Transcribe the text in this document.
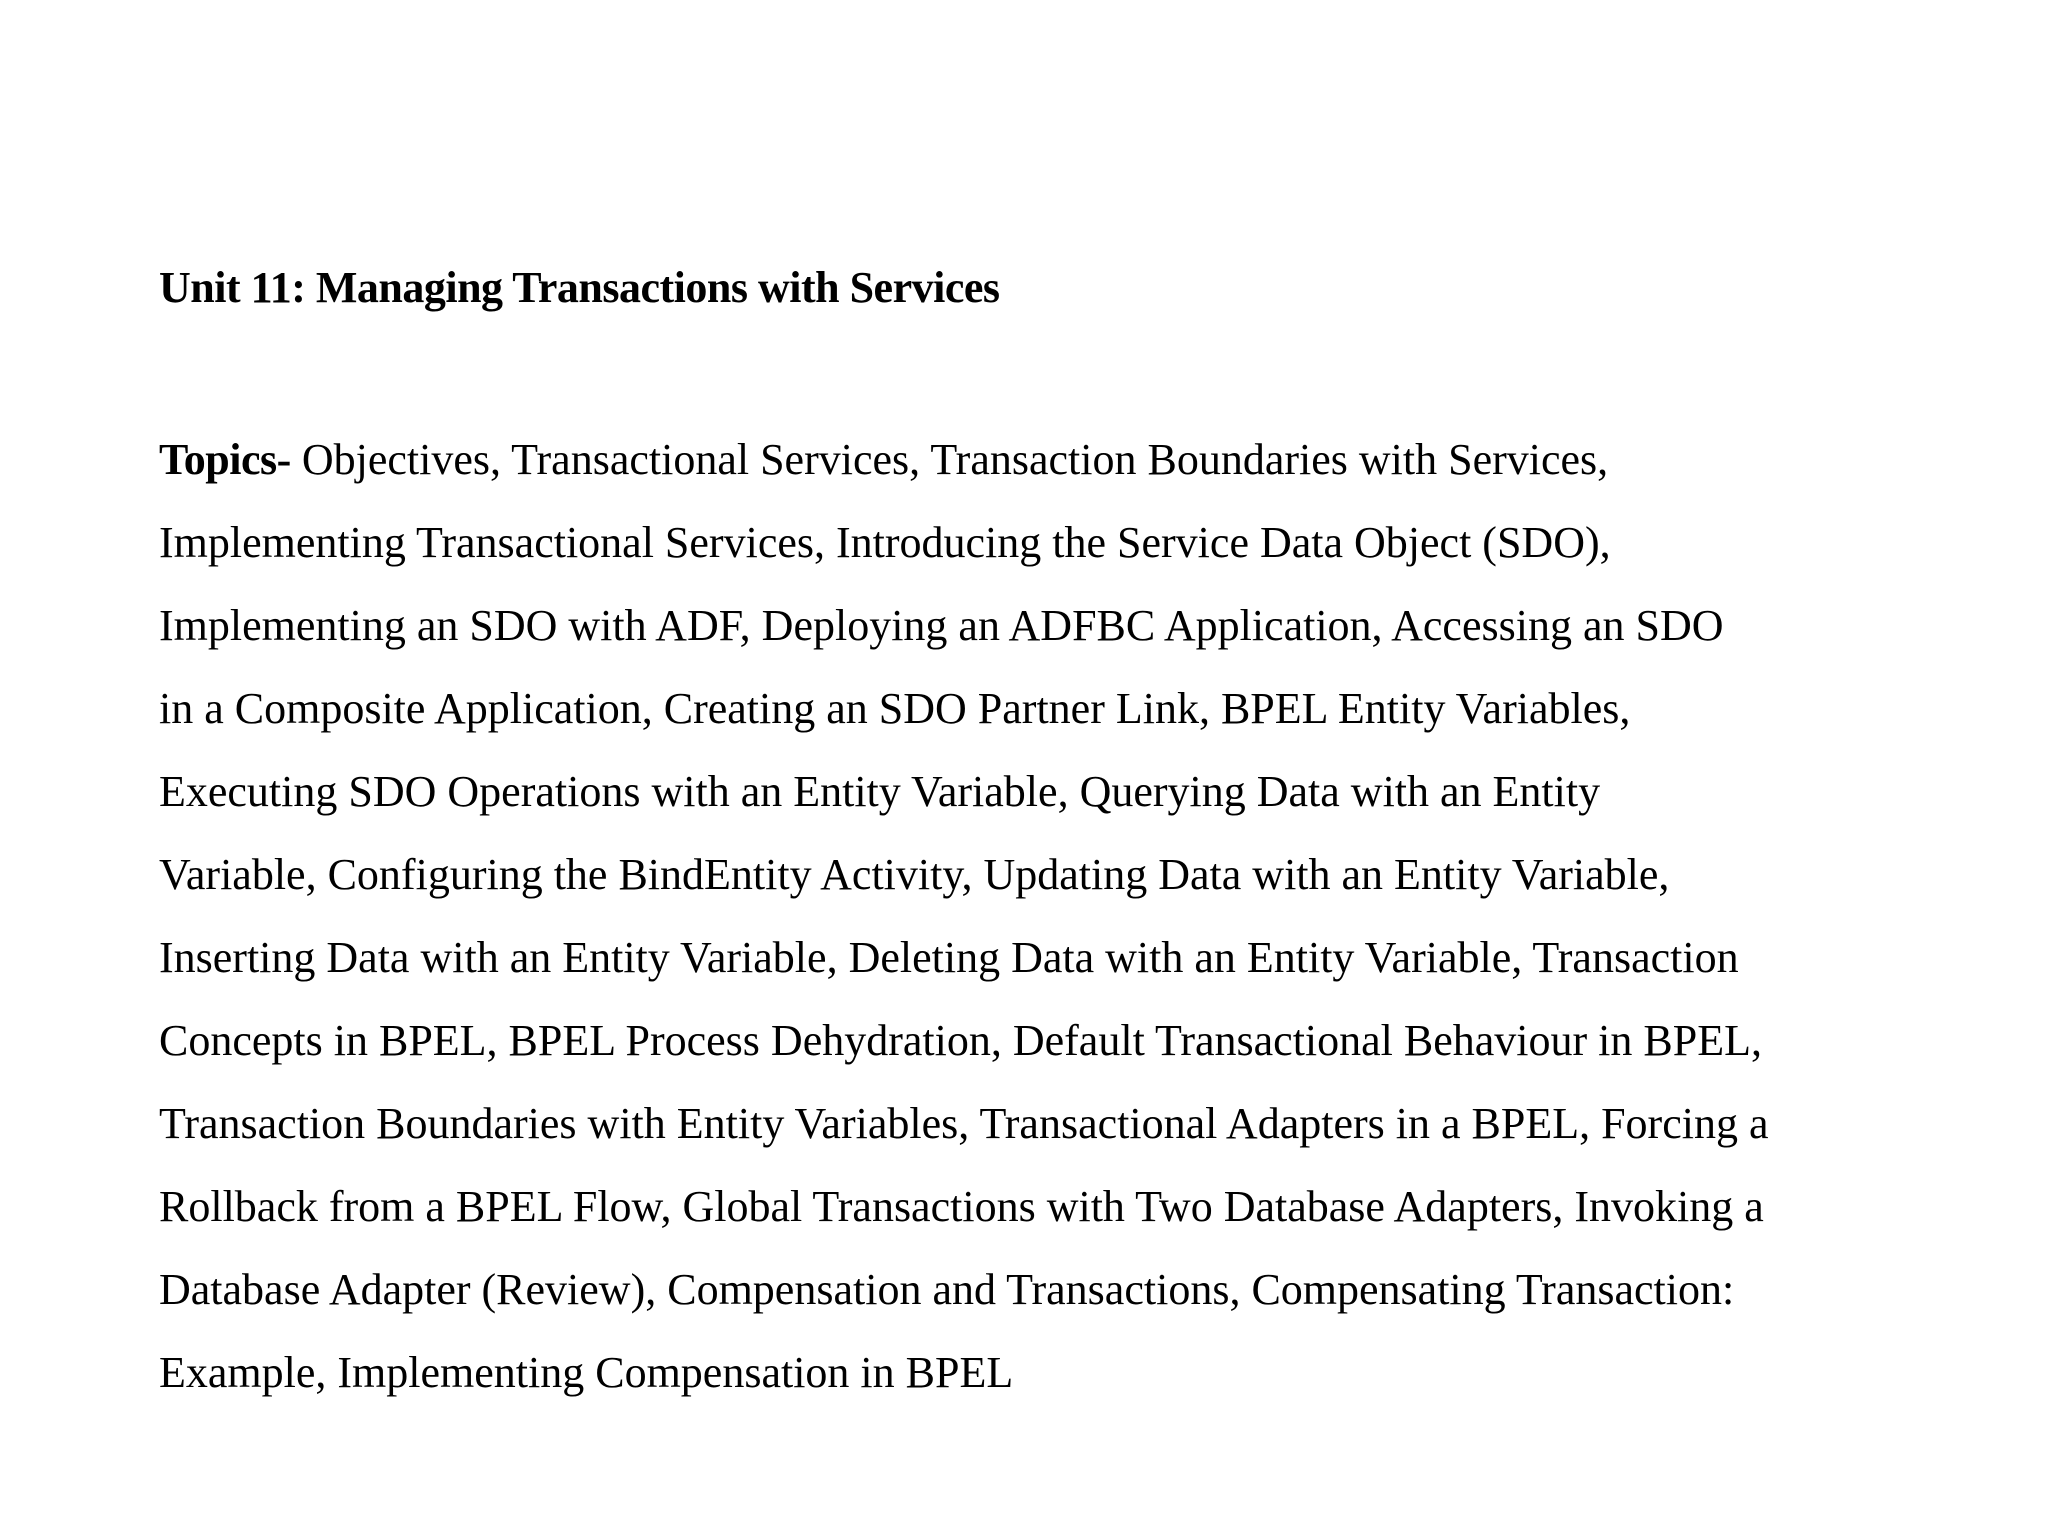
Unit 11: Managing Transactions with Services

Topics- Objectives, Transactional Services, Transaction Boundaries with Services,
Implementing Transactional Services, Introducing the Service Data Object (SDO),
Implementing an SDO with ADF, Deploying an ADFBC Application, Accessing an SDO
in a Composite Application, Creating an SDO Partner Link, BPEL Entity Variables,
Executing SDO Operations with an Entity Variable, Querying Data with an Entity
Variable, Configuring the BindEntity Activity, Updating Data with an Entity Variable,
Inserting Data with an Entity Variable, Deleting Data with an Entity Variable, Transaction
Concepts in BPEL, BPEL Process Dehydration, Default Transactional Behaviour in BPEL,
Transaction Boundaries with Entity Variables, Transactional Adapters in a BPEL, Forcing a
Rollback from a BPEL Flow, Global Transactions with Two Database Adapters, Invoking a
Database Adapter (Review), Compensation and Transactions, Compensating Transaction:
Example, Implementing Compensation in BPEL
